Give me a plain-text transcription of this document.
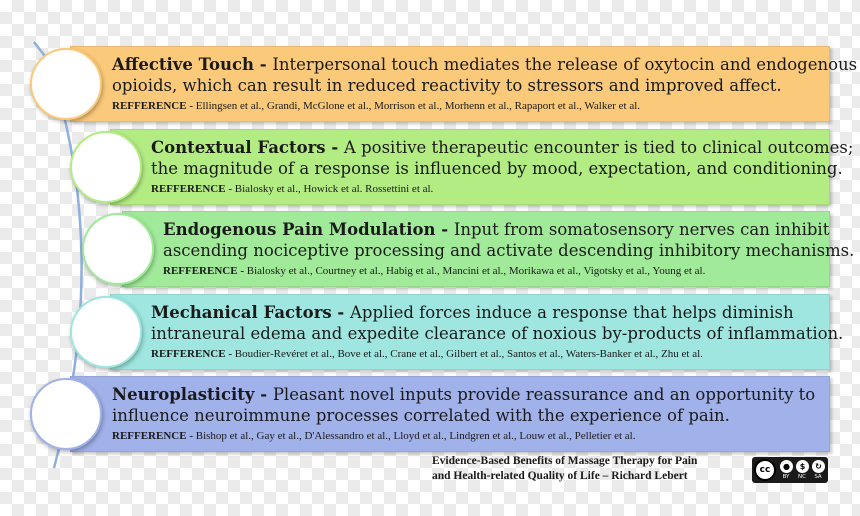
Affective Touch - Interpersonal touch mediates the release of oxytocin and endogenous
opioids, which can result in reduced reactivity to stressors and improved affect.
REFFERENCE - Ellingsen et al., Grandi, McGlone et al., Morrison et al., Morhenn et al., Rapaport et al., Walker et al.
Contextual Factors - A positive therapeutic encounter is tied to clinical outcomes;
the magnitude of a response is influenced by mood, expectation, and conditioning.
REFFERENCE - Bialosky et al., Howick et al. Rossettini et al.
Endogenous Pain Modulation - Input from somatosensory nerves can inhibit
ascending nociceptive processing and activate descending inhibitory mechanisms.
REFFERENCE - Bialosky et al., Courtney et al., Habig et al., Mancini et al., Morikawa et al., Vigotsky et al., Young et al.
Mechanical Factors - Applied forces induce a response that helps diminish
intraneural edema and expedite clearance of noxious by-products of inflammation.
REFFERENCE - Boudier-Revéret et al., Bove et al., Crane et al., Gilbert et al., Santos et al., Waters-Banker et al., Zhu et al.
Neuroplasticity - Pleasant novel inputs provide reassurance and an opportunity to
influence neuroimmune processes correlated with the experience of pain.
REFFERENCE - Bishop et al., Gay et al., D'Alessandro et al., Lloyd et al., Lindgren et al., Louw et al., Pelletier et al.
Evidence-Based Benefits of Massage Therapy for Pain
and Health-related Quality of Life – Richard Lebert	cc	●	$	↻
BY	NC	SA
